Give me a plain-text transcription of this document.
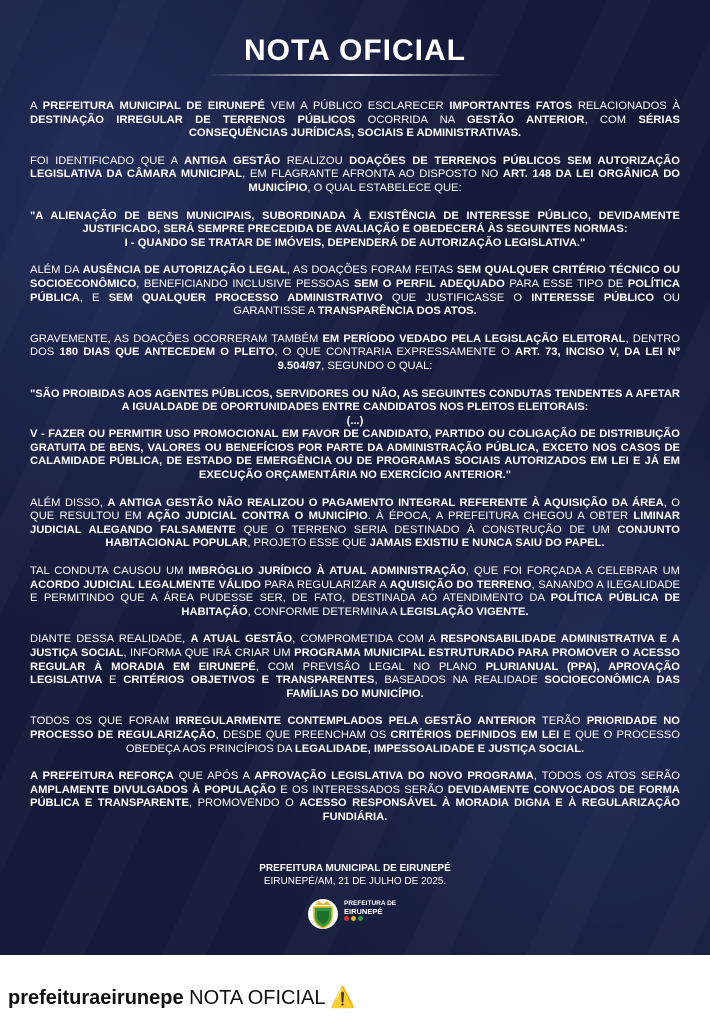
NOTA OFICIAL

A PREFEITURA MUNICIPAL DE EIRUNEPÉ VEM A PÚBLICO ESCLARECER IMPORTANTES FATOS RELACIONADOS À DESTINAÇÃO IRREGULAR DE TERRENOS PÚBLICOS OCORRIDA NA GESTÃO ANTERIOR, COM SÉRIAS CONSEQUÊNCIAS JURÍDICAS, SOCIAIS E ADMINISTRATIVAS.

FOI IDENTIFICADO QUE A ANTIGA GESTÃO REALIZOU DOAÇÕES DE TERRENOS PÚBLICOS SEM AUTORIZAÇÃO LEGISLATIVA DA CÂMARA MUNICIPAL, EM FLAGRANTE AFRONTA AO DISPOSTO NO ART. 148 DA LEI ORGÂNICA DO MUNICÍPIO, O QUAL ESTABELECE QUE:

"A ALIENAÇÃO DE BENS MUNICIPAIS, SUBORDINADA À EXISTÊNCIA DE INTERESSE PÚBLICO, DEVIDAMENTE JUSTIFICADO, SERÁ SEMPRE PRECEDIDA DE AVALIAÇÃO E OBEDECERÁ ÀS SEGUINTES NORMAS:
I - QUANDO SE TRATAR DE IMÓVEIS, DEPENDERÁ DE AUTORIZAÇÃO LEGISLATIVA."

ALÉM DA AUSÊNCIA DE AUTORIZAÇÃO LEGAL, AS DOAÇÕES FORAM FEITAS SEM QUALQUER CRITÉRIO TÉCNICO OU SOCIOECONÔMICO, BENEFICIANDO INCLUSIVE PESSOAS SEM O PERFIL ADEQUADO PARA ESSE TIPO DE POLÍTICA PÚBLICA, E SEM QUALQUER PROCESSO ADMINISTRATIVO QUE JUSTIFICASSE O INTERESSE PÚBLICO OU GARANTISSE A TRANSPARÊNCIA DOS ATOS.

GRAVEMENTE, AS DOAÇÕES OCORRERAM TAMBÉM EM PERÍODO VEDADO PELA LEGISLAÇÃO ELEITORAL, DENTRO DOS 180 DIAS QUE ANTECEDEM O PLEITO, O QUE CONTRARIA EXPRESSAMENTE O ART. 73, INCISO V, DA LEI Nº 9.504/97, SEGUNDO O QUAL:

"SÃO PROIBIDAS AOS AGENTES PÚBLICOS, SERVIDORES OU NÃO, AS SEGUINTES CONDUTAS TENDENTES A AFETAR A IGUALDADE DE OPORTUNIDADES ENTRE CANDIDATOS NOS PLEITOS ELEITORAIS:
(...)
V - FAZER OU PERMITIR USO PROMOCIONAL EM FAVOR DE CANDIDATO, PARTIDO OU COLIGAÇÃO DE DISTRIBUIÇÃO GRATUITA DE BENS, VALORES OU BENEFÍCIOS POR PARTE DA ADMINISTRAÇÃO PÚBLICA, EXCETO NOS CASOS DE CALAMIDADE PÚBLICA, DE ESTADO DE EMERGÊNCIA OU DE PROGRAMAS SOCIAIS AUTORIZADOS EM LEI E JÁ EM EXECUÇÃO ORÇAMENTÁRIA NO EXERCÍCIO ANTERIOR."

ALÉM DISSO, A ANTIGA GESTÃO NÃO REALIZOU O PAGAMENTO INTEGRAL REFERENTE À AQUISIÇÃO DA ÁREA, O QUE RESULTOU EM AÇÃO JUDICIAL CONTRA O MUNICÍPIO. À ÉPOCA, A PREFEITURA CHEGOU A OBTER LIMINAR JUDICIAL ALEGANDO FALSAMENTE QUE O TERRENO SERIA DESTINADO À CONSTRUÇÃO DE UM CONJUNTO HABITACIONAL POPULAR, PROJETO ESSE QUE JAMAIS EXISTIU E NUNCA SAIU DO PAPEL.

TAL CONDUTA CAUSOU UM IMBRÓGLIO JURÍDICO À ATUAL ADMINISTRAÇÃO, QUE FOI FORÇADA A CELEBRAR UM ACORDO JUDICIAL LEGALMENTE VÁLIDO PARA REGULARIZAR A AQUISIÇÃO DO TERRENO, SANANDO A ILEGALIDADE E PERMITINDO QUE A ÁREA PUDESSE SER, DE FATO, DESTINADA AO ATENDIMENTO DA POLÍTICA PÚBLICA DE HABITAÇÃO, CONFORME DETERMINA A LEGISLAÇÃO VIGENTE.

DIANTE DESSA REALIDADE, A ATUAL GESTÃO, COMPROMETIDA COM A RESPONSABILIDADE ADMINISTRATIVA E A JUSTIÇA SOCIAL, INFORMA QUE IRÁ CRIAR UM PROGRAMA MUNICIPAL ESTRUTURADO PARA PROMOVER O ACESSO REGULAR À MORADIA EM EIRUNEPÉ, COM PREVISÃO LEGAL NO PLANO PLURIANUAL (PPA), APROVAÇÃO LEGISLATIVA E CRITÉRIOS OBJETIVOS E TRANSPARENTES, BASEADOS NA REALIDADE SOCIOECONÔMICA DAS FAMÍLIAS DO MUNICÍPIO.

TODOS OS QUE FORAM IRREGULARMENTE CONTEMPLADOS PELA GESTÃO ANTERIOR TERÃO PRIORIDADE NO PROCESSO DE REGULARIZAÇÃO, DESDE QUE PREENCHAM OS CRITÉRIOS DEFINIDOS EM LEI E QUE O PROCESSO OBEDEÇA AOS PRINCÍPIOS DA LEGALIDADE, IMPESSOALIDADE E JUSTIÇA SOCIAL.

A PREFEITURA REFORÇA QUE APÓS A APROVAÇÃO LEGISLATIVA DO NOVO PROGRAMA, TODOS OS ATOS SERÃO AMPLAMENTE DIVULGADOS À POPULAÇÃO E OS INTERESSADOS SERÃO DEVIDAMENTE CONVOCADOS DE FORMA PÚBLICA E TRANSPARENTE, PROMOVENDO O ACESSO RESPONSÁVEL À MORADIA DIGNA E À REGULARIZAÇÃO FUNDIÁRIA.

PREFEITURA MUNICIPAL DE EIRUNEPÉ
EIRUNEPÉ/AM, 21 DE JULHO DE 2025.
PREFEITURA DE
EIRUNEPÉ

prefeituraeirunepe NOTA OFICIAL ⚠️
